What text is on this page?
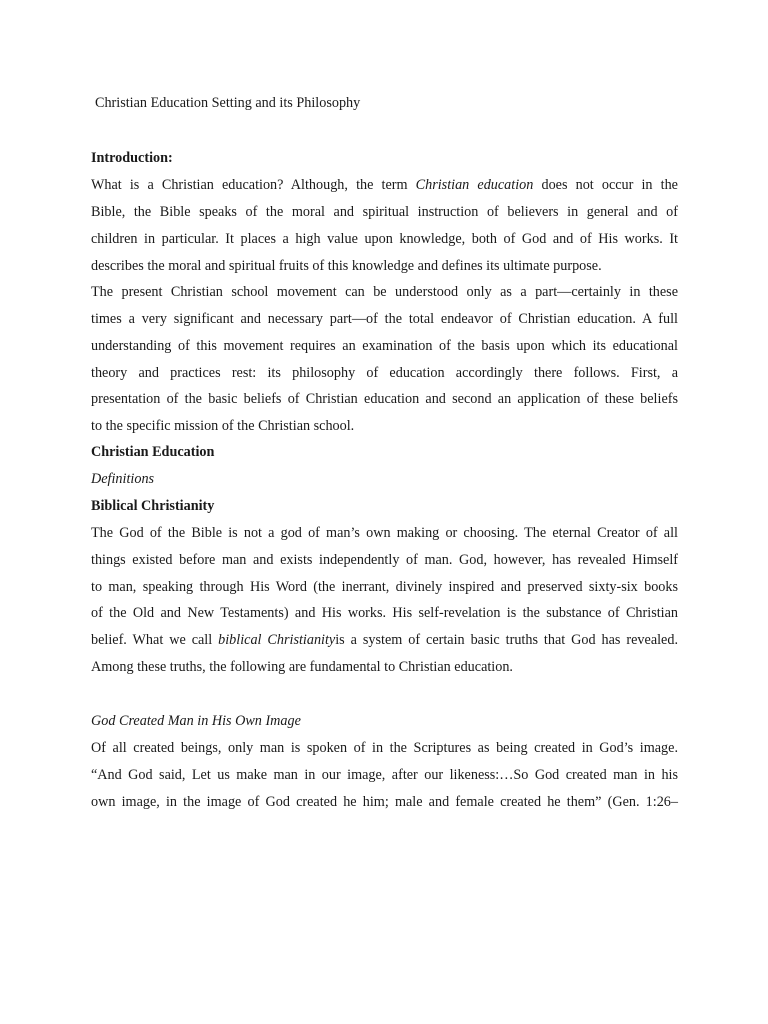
Christian Education Setting and its Philosophy
Introduction:
What is a Christian education? Although, the term Christian education does not occur in the
Bible, the Bible speaks of the moral and spiritual instruction of believers in general and of
children in particular. It places a high value upon knowledge, both of God and of His works. It
describes the moral and spiritual fruits of this knowledge and defines its ultimate purpose.
The present Christian school movement can be understood only as a part—certainly in these
times a very significant and necessary part—of the total endeavor of Christian education. A full
understanding of this movement requires an examination of the basis upon which its educational
theory and practices rest: its philosophy of education accordingly there follows. First, a
presentation of the basic beliefs of Christian education and second an application of these beliefs
to the specific mission of the Christian school.
Christian Education
Definitions
Biblical Christianity
The God of the Bible is not a god of man’s own making or choosing. The eternal Creator of all
things existed before man and exists independently of man. God, however, has revealed Himself
to man, speaking through His Word (the inerrant, divinely inspired and preserved sixty-six books
of the Old and New Testaments) and His works. His self-revelation is the substance of Christian
belief. What we call biblical Christianityis a system of certain basic truths that God has revealed.
Among these truths, the following are fundamental to Christian education.
God Created Man in His Own Image
Of all created beings, only man is spoken of in the Scriptures as being created in God’s image.
“And God said, Let us make man in our image, after our likeness:…So God created man in his
own image, in the image of God created he him; male and female created he them” (Gen. 1:26–
